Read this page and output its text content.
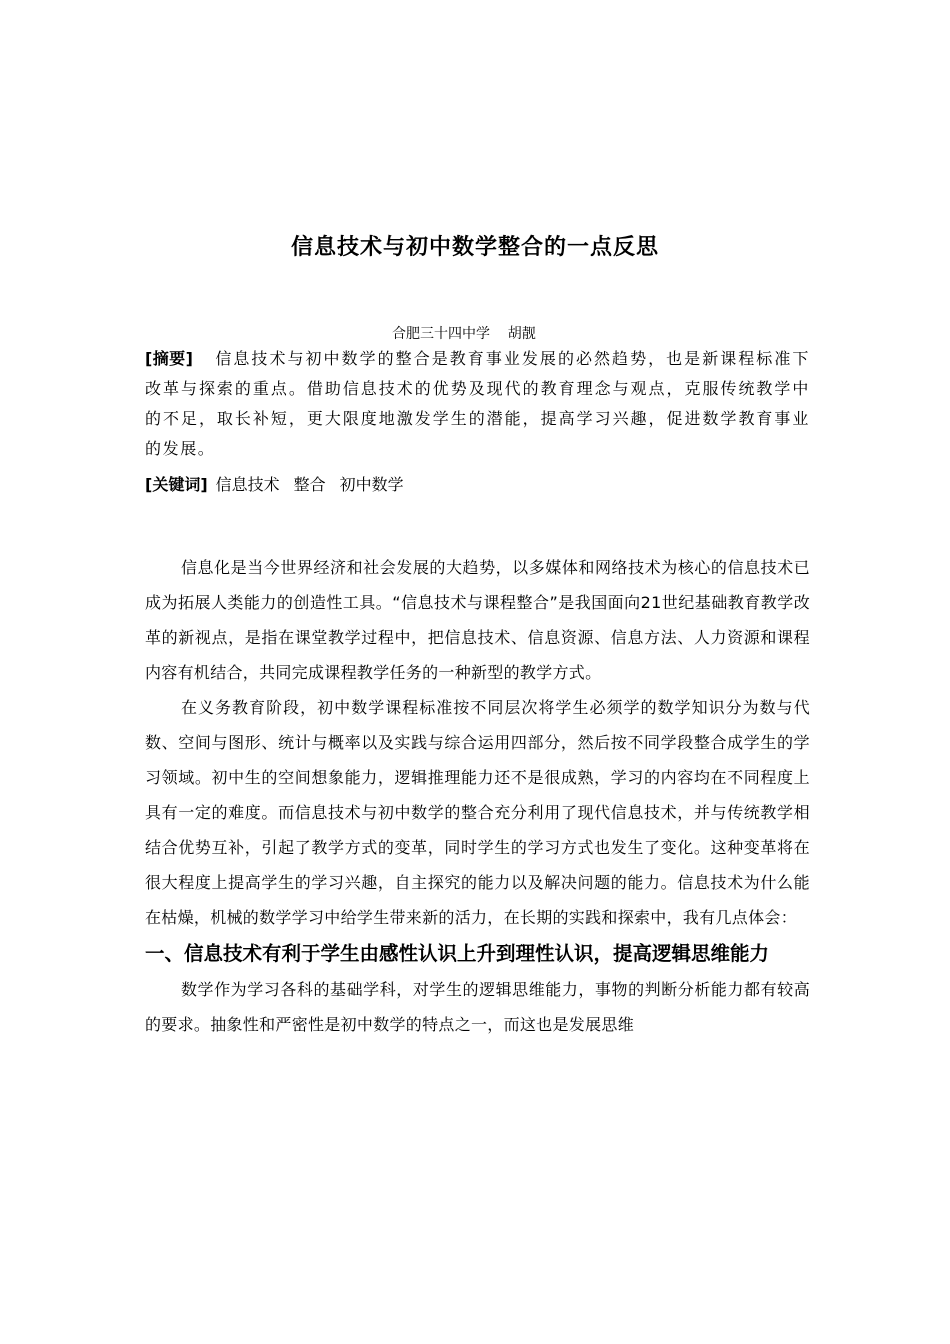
信息技术与初中数学整合的一点反思
合肥三十四中学    胡靓

[摘要] 信息技术与初中数学的整合是教育事业发展的必然趋势，也是新课程标准下改革与探索的重点。借助信息技术的优势及现代的教育理念与观点，克服传统教学中的不足，取长补短，更大限度地激发学生的潜能，提高学习兴趣，促进数学教育事业的发展。

[关键词] 信息技术 整合 初中数学

信息化是当今世界经济和社会发展的大趋势，以多媒体和网络技术为核心的信息技术已成为拓展人类能力的创造性工具。“信息技术与课程整合”是我国面向21世纪基础教育教学改革的新视点，是指在课堂教学过程中，把信息技术、信息资源、信息方法、人力资源和课程内容有机结合，共同完成课程教学任务的一种新型的教学方式。

在义务教育阶段，初中数学课程标准按不同层次将学生必须学的数学知识分为数与代数、空间与图形、统计与概率以及实践与综合运用四部分，然后按不同学段整合成学生的学习领域。初中生的空间想象能力，逻辑推理能力还不是很成熟，学习的内容均在不同程度上具有一定的难度。而信息技术与初中数学的整合充分利用了现代信息技术，并与传统教学相结合优势互补，引起了教学方式的变革，同时学生的学习方式也发生了变化。这种变革将在很大程度上提高学生的学习兴趣，自主探究的能力以及解决问题的能力。信息技术为什么能在枯燥，机械的数学学习中给学生带来新的活力，在长期的实践和探索中，我有几点体会：

一、信息技术有利于学生由感性认识上升到理性认识，提高逻辑思维能力

数学作为学习各科的基础学科，对学生的逻辑思维能力，事物的判断分析能力都有较高的要求。抽象性和严密性是初中数学的特点之一，而这也是发展思维
